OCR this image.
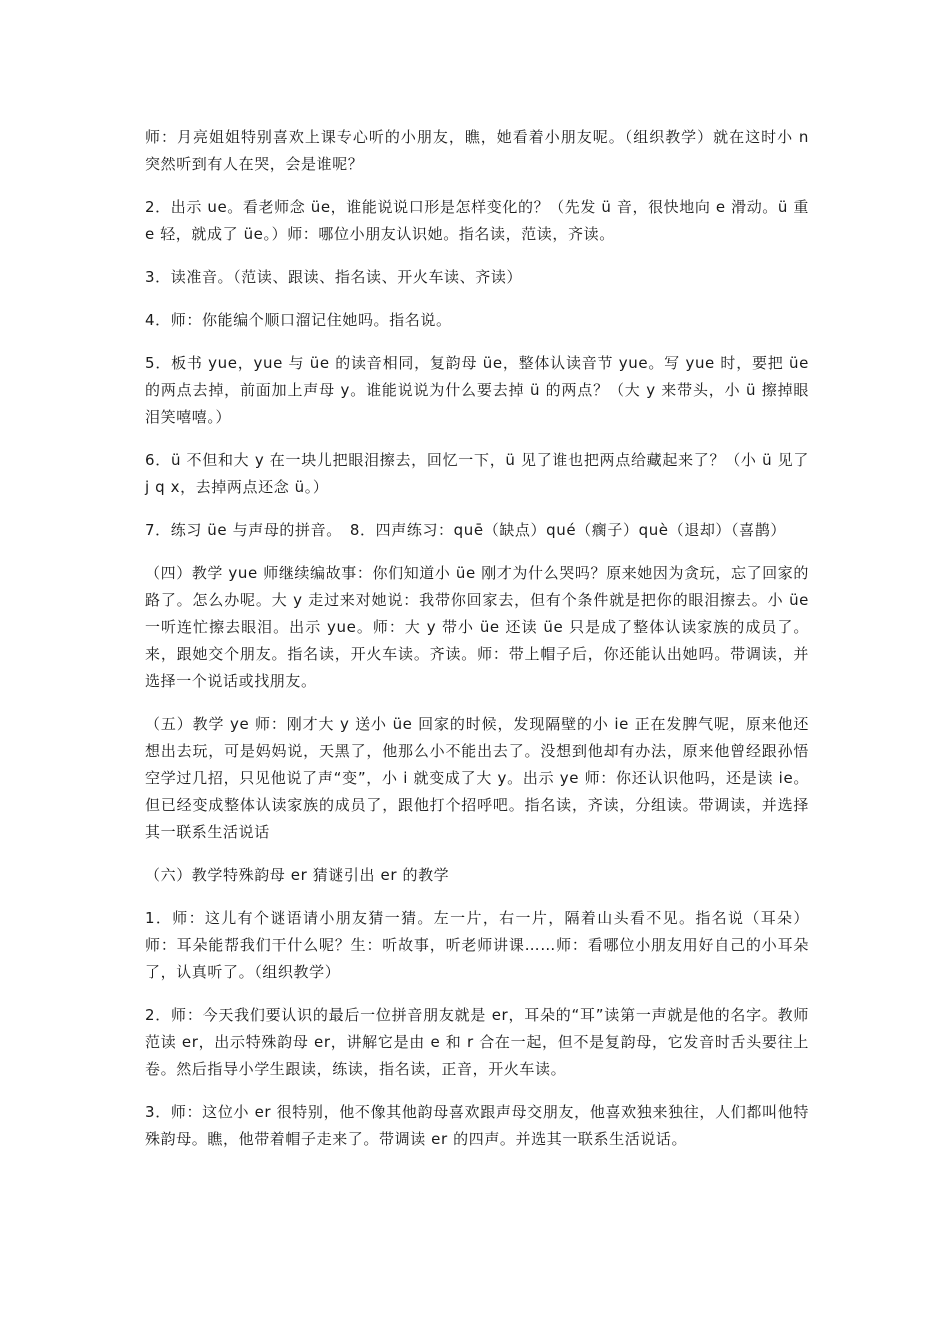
师：月亮姐姐特别喜欢上课专心听的小朋友，瞧，她看着小朋友呢。（组织教学）就在这时小 n 突然听到有人在哭，会是谁呢？

2．出示 ue。看老师念 üe，谁能说说口形是怎样变化的？（先发 ü 音，很快地向 e 滑动。ü 重 e 轻，就成了 üe。）师：哪位小朋友认识她。指名读，范读，齐读。

3．读准音。（范读、跟读、指名读、开火车读、齐读）

4．师：你能编个顺口溜记住她吗。指名说。

5．板书 yue，yue 与 üe 的读音相同，复韵母 üe，整体认读音节 yue。写 yue 时，要把 üe 的两点去掉，前面加上声母 y。谁能说说为什么要去掉 ü 的两点？（大 y 来带头，小 ü 擦掉眼泪笑嘻嘻。）

6．ü 不但和大 y 在一块儿把眼泪擦去，回忆一下，ü 见了谁也把两点给藏起来了？（小 ü 见了 j q x，去掉两点还念 ü。）

7．练习 üe 与声母的拼音。　8．四声练习：quē（缺点）qué（瘸子）què（退却）（喜鹊）

（四）教学 yue 师继续编故事：你们知道小 üe 刚才为什么哭吗？原来她因为贪玩，忘了回家的路了。怎么办呢。大 y 走过来对她说：我带你回家去，但有个条件就是把你的眼泪擦去。小 üe 一听连忙擦去眼泪。出示 yue。师：大 y 带小 üe 还读 üe 只是成了整体认读家族的成员了。来，跟她交个朋友。指名读，开火车读。齐读。师：带上帽子后，你还能认出她吗。带调读，并选择一个说话或找朋友。

（五）教学 ye 师：刚才大 y 送小 üe 回家的时候，发现隔壁的小 ie 正在发脾气呢，原来他还想出去玩，可是妈妈说，天黑了，他那么小不能出去了。没想到他却有办法，原来他曾经跟孙悟空学过几招，只见他说了声“变”，小 i 就变成了大 y。出示 ye 师：你还认识他吗，还是读 ie。但已经变成整体认读家族的成员了，跟他打个招呼吧。指名读，齐读，分组读。带调读，并选择其一联系生活说话

（六）教学特殊韵母 er 猜谜引出 er 的教学

1．师：这儿有个谜语请小朋友猜一猜。左一片，右一片，隔着山头看不见。指名说（耳朵）师：耳朵能帮我们干什么呢？生：听故事，听老师讲课……师：看哪位小朋友用好自己的小耳朵了，认真听了。（组织教学）

2．师：今天我们要认识的最后一位拼音朋友就是 er，耳朵的“耳”读第一声就是他的名字。教师范读 er，出示特殊韵母 er，讲解它是由 e 和 r 合在一起，但不是复韵母，它发音时舌头要往上卷。然后指导小学生跟读，练读，指名读，正音，开火车读。

3．师：这位小 er 很特别，他不像其他韵母喜欢跟声母交朋友，他喜欢独来独往，人们都叫他特殊韵母。瞧，他带着帽子走来了。带调读 er 的四声。并选其一联系生活说话。
